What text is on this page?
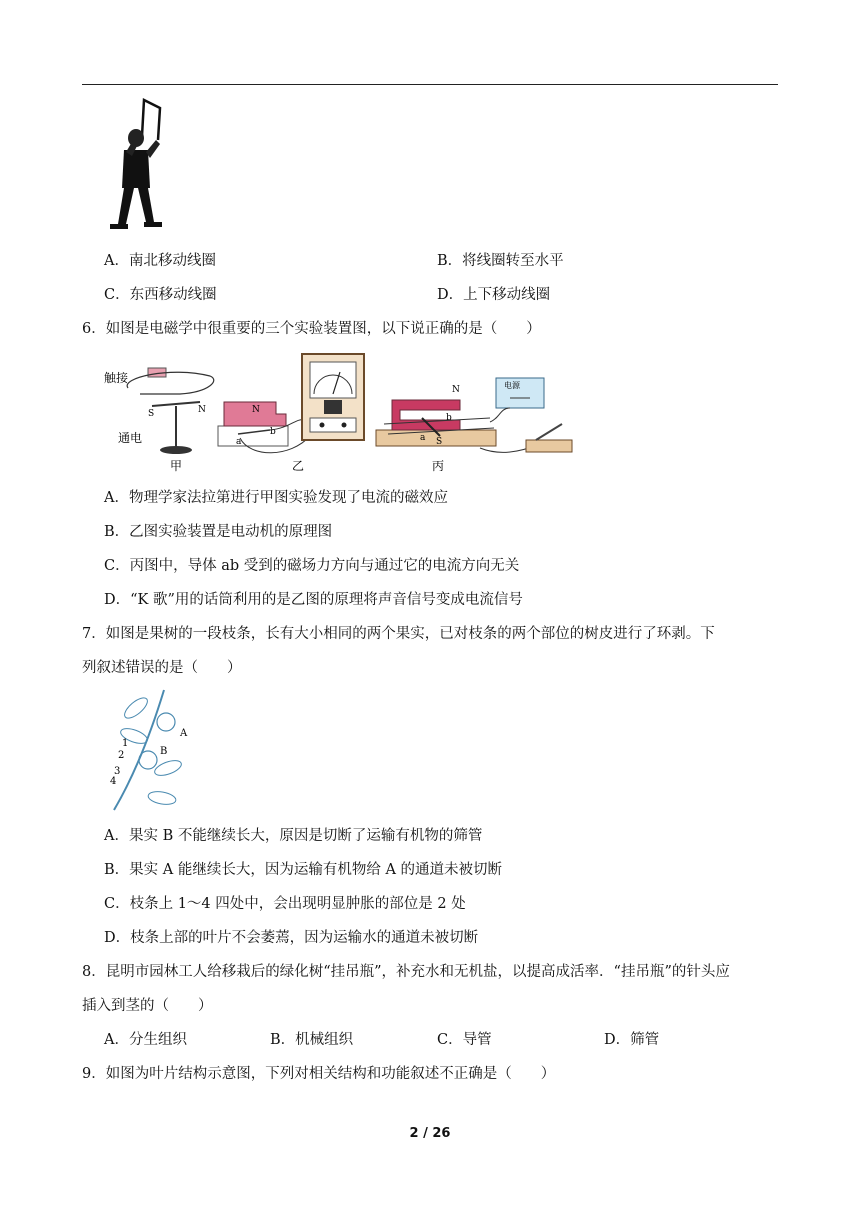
A．南北移动线圈	B．将线圈转至水平
C．东西移动线圈	D．上下移动线圈
6．如图是电磁学中很重要的三个实验装置图，以下说正确的是（　　）
触接
S	N
通电
甲
N
a
b
乙
N
S
a
b
电源
丙
A．物理学家法拉第进行甲图实验发现了电流的磁效应
B．乙图实验装置是电动机的原理图
C．丙图中，导体 ab 受到的磁场力方向与通过它的电流方向无关
D．“K 歌”用的话筒利用的是乙图的原理将声音信号变成电流信号
7．如图是果树的一段枝条，长有大小相同的两个果实，已对枝条的两个部位的树皮进行了环剥。下
列叙述错误的是（　　）
A
B
1
2
3
4
A．果实 B 不能继续长大，原因是切断了运输有机物的筛管
B．果实 A 能继续长大，因为运输有机物给 A 的通道未被切断
C．枝条上 1～4 四处中，会出现明显肿胀的部位是 2 处
D．枝条上部的叶片不会萎蔫，因为运输水的通道未被切断
8．昆明市园林工人给移栽后的绿化树“挂吊瓶”，补充水和无机盐，以提高成活率．“挂吊瓶”的针头应
插入到茎的（　　）
A．分生组织	B．机械组织	C．导管	D．筛管
9．如图为叶片结构示意图，下列对相关结构和功能叙述不正确是（　　）
2 / 26
